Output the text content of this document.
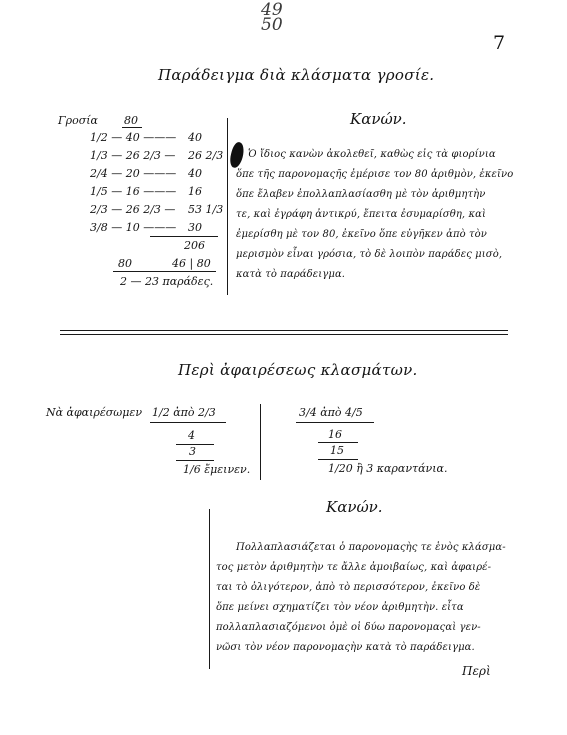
49
50
7
Παράδειγμα διὰ κλάσματα γροσίε.
Γροσία 80
1/2 — 40 ——— 40
1/3 — 26 2/3 — 26 2/3
2/4 — 20 ——— 40
1/5 — 16 ——— 16
2/3 — 26 2/3 — 53 1/3
3/8 — 10 ——— 30
206
80	46 | 80
2 — 23 παράδες.
Κανών.
Ὁ ἴδιος κανὼν ἀκολεθεῖ, καθὼς εἰς τὰ φιορίνια
ὅπε τῆς παρονομαςῆς ἐμέρισε τον 80 ἀριθμὸν, ἐκεῖνο
ὅπε ἔλαβεν ἐπολλαπλασίασθη μὲ τὸν ἀριθμητὴν
τε, καὶ ἐγράφη ἀντικρύ, ἔπειτα ἐσυμαρίσθη, καὶ
ἐμερίσθη μὲ τον 80, ἐκεῖνο ὅπε εὐγῆκεν ἀπὸ τὸν
μερισμὸν εἶναι γρόσια, τὸ δὲ λοιπὸν παράδες μισὸ,
κατὰ τὸ παράδειγμα.
Περὶ ἀφαιρέσεως κλασμάτων.
Νὰ ἀφαιρέσωμεν 1/2 ἀπὸ 2/3
4
3
1/6 ἔμεινεν.
3/4 ἀπὸ 4/5
16
15
1/20 ἢ 3 καραντάνια.
Κανών.
Πολλαπλασιάζεται ὁ παρονομαςὴς τε ἑνὸς κλάσμα-
τος μετὸν ἀριθμητὴν τε ἄλλε ἀμοιβαίως, καὶ ἀφαιρέ-
ται τὸ ὀλιγότερον, ἀπὸ τὸ περισσότερον, ἐκεῖνο δὲ
ὅπε μείνει σχηματίζει τὸν νέον ἀριθμητὴν. εἶτα
πολλαπλασιαζόμενοι ὁμὲ οἱ δύω παρονομαςαὶ γεν-
νῶσι τὸν νέον παρονομαςὴν κατὰ τὸ παράδειγμα.
Περὶ
